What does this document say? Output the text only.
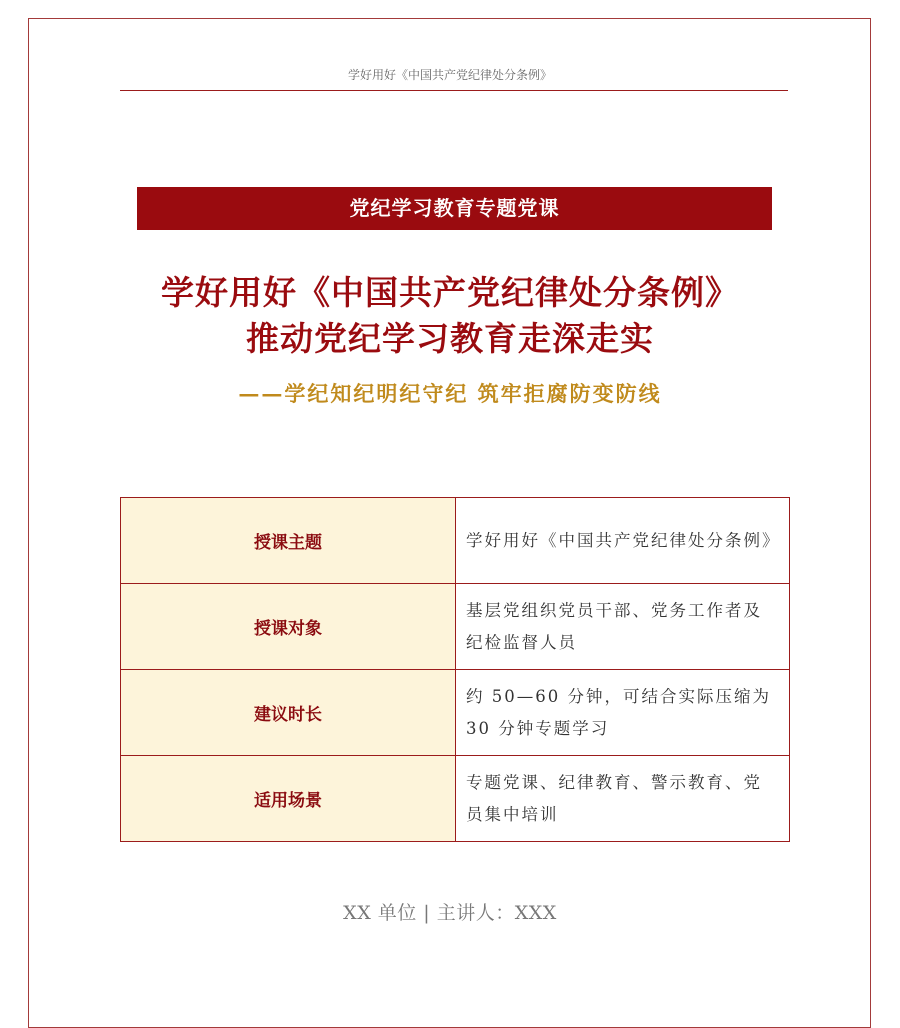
学好用好《中国共产党纪律处分条例》
党纪学习教育专题党课
学好用好《中国共产党纪律处分条例》
推动党纪学习教育走深走实
——学纪知纪明纪守纪 筑牢拒腐防变防线
授课主题	学好用好《中国共产党纪律处分条例》
授课对象	基层党组织党员干部、党务工作者及纪检监督人员
建议时长	约 50—60 分钟，可结合实际压缩为 30 分钟专题学习
适用场景	专题党课、纪律教育、警示教育、党员集中培训
XX 单位 | 主讲人：XXX
